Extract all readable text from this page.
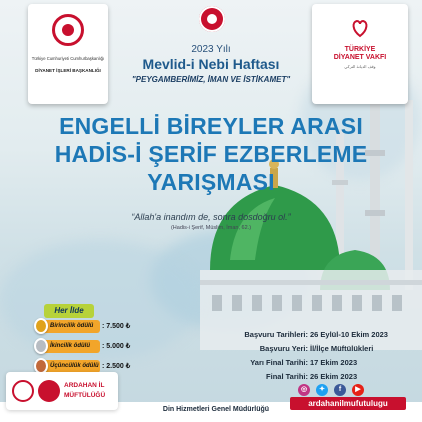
Türkiye Cumhuriyeti Cumhurbaşkanlığı
DİYANET İŞLERİ BAŞKANLIĞI
TÜRKİYE
DİYANET VAKFI
وقف الديانة التركي
2023 Yılı
Mevlid-i Nebi Haftası
"PEYGAMBERİMİZ, İMAN VE İSTİKAMET"
ENGELLİ BİREYLER ARASI
HADİS-İ ŞERİF EZBERLEME
YARIŞMASI
“Allah'a inandım de, sonra dosdoğru ol.”
(Hadis-i Şerif, Müslim, İman, 62.)
Her İlde
Birincilik ödülü	: 7.500 ₺
İkincilik ödülü	: 5.000 ₺
Üçüncülük ödülü : 2.500 ₺
Başvuru Tarihleri: 26 Eylül-10 Ekim 2023
Başvuru Yeri: İl/İlçe Müftülükleri
Yarı Final Tarihi: 17 Ekim 2023
Final Tarihi: 26 Ekim 2023
Din Hizmetleri Genel Müdürlüğü
ARDAHAN İL
MÜFTÜLÜĞÜ
◎	✦	f	▶
ardahanilmufutulugu
